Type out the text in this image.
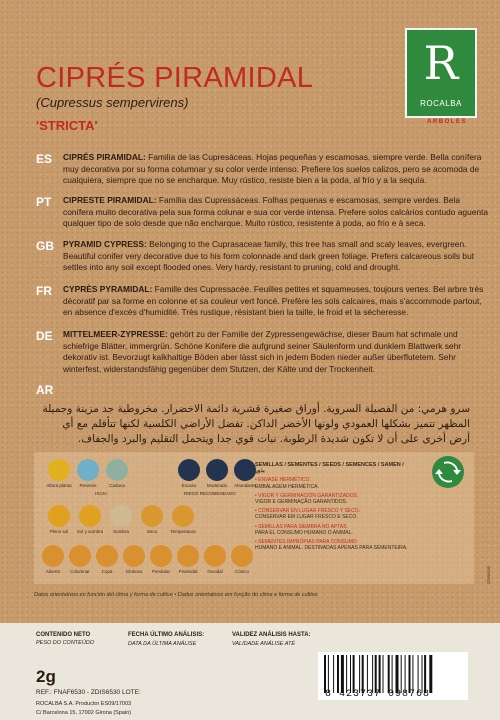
CIPRÉS PIRAMIDAL
(Cupressus sempervirens)
'STRICTA'
R
ROCALBA
ARBOLES
ES CIPRÉS PIRAMIDAL: Familia de las Cupresáceas. Hojas pequeñas y escamosas, siempre verde. Bella conífera muy decorativa por su forma columnar y su color verde intenso. Prefiere los suelos calizos, pero se acomoda de cualquiera, siempre que no se encharque. Muy rústico, resiste bien a la poda, al frío y a la sequía.
PT CIPRESTE PIRAMIDAL: Família das Cupressáceas. Folhas pequenas e escamosas, sempre verdes. Bela conífera muito decorativa pela sua forma colunar e sua cor verde intensa. Prefere solos calcários contudo aguenta qualquer tipo de solo desde que não encharque. Muito rústico, resistente à poda, ao frio e à seca.
GB PYRAMID CYPRESS: Belonging to the Cuprasaceae family, this tree has small and scaly leaves, evergreen. Beautiful conifer very decorative due to his form colonnade and dark green foliage. Prefers calcareous soils but settles into any soil except flooded ones. Very hardy, resistant to pruning, cold and drought.
FR CYPRÈS PYRAMIDAL: Famille des Cupressacée. Feuilles petites et squameuses, toujours vertes. Bel arbre très décoratif par sa forme en colonne et sa couleur vert foncé. Prefère les sols calcaires, mais s'accommode partout, en absence d'excès d'humidité. Très rustique, résistant bien la taille, le froid et la sécheresse.
DE MITTELMEER-ZYPRESSE: gehört zu der Familie der Zypressengewächse, dieser Baum hat schmale und schiefrige Blätter, immergrün. Schöne Konifere die aufgrund seiner Säulenform und dunklem Blattwerk sehr dekorativ ist. Bevorzugt kalkhaltige Böden aber lässt sich in jedem Boden nieder außer überflutetem. Sehr winterfest, widerstandsfähig gegenüber dem Stutzen, der Kälte und der Trockenheit.
AR
سرو هرمي: من الفصيلة السروية. أوراق صغيرة قشرية دائمة الاخضرار. مخروطية جد مزينة وجميلة المظهر تتميز بشكلها العمودي ولونها الأخضر الداكن. تفضل الأراضي الكلسية لكنها تتأقلم مع أي أرض أخرى على أن لا تكون شديدة الرطوبة. نبات قوي جدا ويتحمل التقليم والبرد والجفاف.
Altura planta	Perenne	Caduca	Escaso	Moderado	Abundante
Pleno sol	Sol y sombra	Sombra	Seco	Temperatura
Abierto	Columnar	Copa	Globoso	Pendular	Piramidal	Ovoidal	Cónico
HOJA	RIEGO RECOMENDADO
SEMILLAS / SEMENTES / SEEDS / SEMENCES / SAMEN / بذور
• ENVASE HERMÉTICO.
EMBALAGEM HERMÉTICA.
• VIGOR Y GERMINACIÓN GARANTIZADOS.
VIGOR E GERMINAÇÃO GARANTIDOS.
• CONSERVAR EN LUGAR FRESCO Y SECO.
CONSERVAR EM LUGAR FRESCO E SECO.
• SEMILLAS PARA SIEMBRA NO APTAS
PARA EL CONSUMO HUMANO O ANIMAL.
• SEMENTES IMPRÓPIAS PARA CONSUMO
HUMANO E ANIMAL. DESTINADAS APENAS PARA SEMENTEIRA.
Datos orientativos en función del clima y forma de cultivo • Dados orientativos em função do clima e forma de cultivo
CONTENIDO NETO
PESO DO CONTEÚDO
2g
FECHA ÚLTIMO ANÁLISIS:
DATA DA ÚLTIMA ANÁLISE
VALIDEZ ANÁLISIS HASTA:
VALIDADE ANÁLISE ATÉ
REF.: FNAF6530 - ZDIS6530 LOTE:
ROCALBA S.A. Productor ES09/17003
C/ Barcelona 15, 17002 Girona (Spain)
8 423737 098768
ZDIS6530
